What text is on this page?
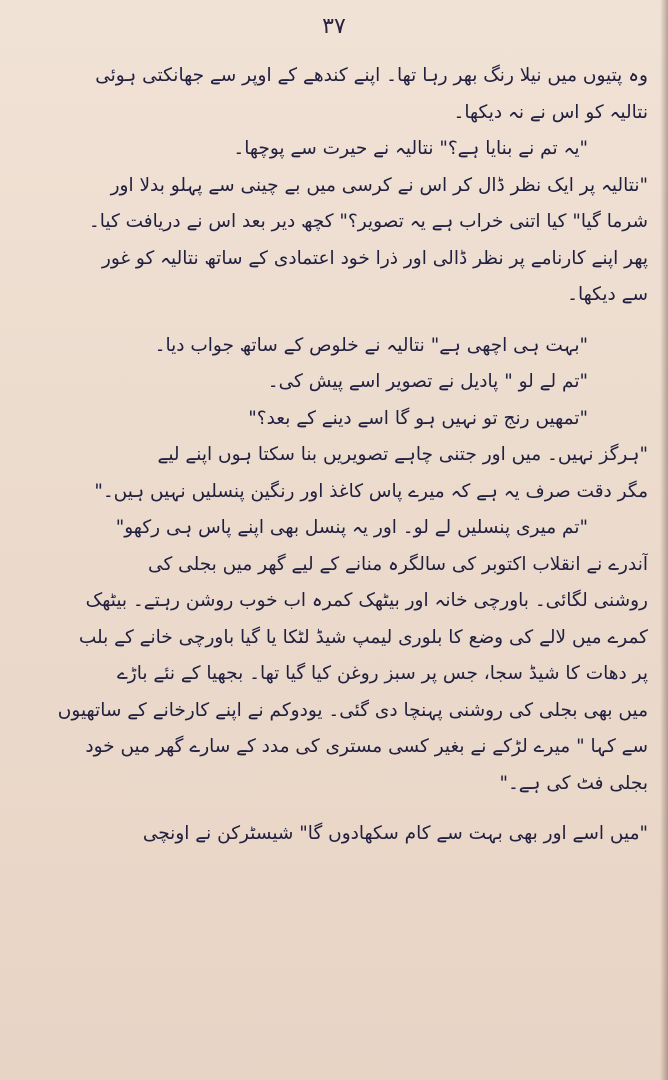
۳۷
وہ پتیوں میں نیلا رنگ بھر رہا تھا۔ اپنے کندھے کے اوپر سے جھانکتی ہوئی
نتالیہ کو اس نے نہ دیکھا۔
"یہ تم نے بنایا ہے؟" نتالیہ نے حیرت سے پوچھا۔
"نتالیہ پر ایک نظر ڈال کر اس نے کرسی میں بے چینی سے پہلو بدلا اور
شرما گیا" کیا اتنی خراب ہے یہ تصویر؟" کچھ دیر بعد اس نے دریافت کیا۔
پھر اپنے کارنامے پر نظر ڈالی اور ذرا خود اعتمادی کے ساتھ نتالیہ کو غور
سے دیکھا۔
"بہت ہی اچھی ہے" نتالیہ نے خلوص کے ساتھ جواب دیا۔
"تم لے لو " پادیل نے تصویر اسے پیش کی۔
"تمھیں رنج تو نہیں ہو گا اسے دینے کے بعد؟"
"ہرگز نہیں۔ میں اور جتنی چاہے تصویریں بنا سکتا ہوں اپنے لیے
مگر دقت صرف یہ ہے کہ میرے پاس کاغذ اور رنگین پنسلیں نہیں ہیں۔"
"تم میری پنسلیں لے لو۔ اور یہ پنسل بھی اپنے پاس ہی رکھو"
آندرے نے انقلاب اکتوبر کی سالگرہ منانے کے لیے گھر میں بجلی کی
روشنی لگائی۔ باورچی خانہ اور بیٹھک کمرہ اب خوب روشن رہتے۔ بیٹھک
کمرے میں لالے کی وضع کا بلوری لیمپ شیڈ لٹکا یا گیا باورچی خانے کے بلب
پر دھات کا شیڈ سجا، جس پر سبز روغن کیا گیا تھا۔ بجھیا کے نئے باڑے
میں بھی بجلی کی روشنی پہنچا دی گئی۔ یودوکم نے اپنے کارخانے کے ساتھیوں
سے کہا " میرے لڑکے نے بغیر کسی مستری کی مدد کے سارے گھر میں خود
بجلی فٹ کی ہے۔"
"میں اسے اور بھی بہت سے کام سکھادوں گا" شیسٹرکن نے اونچی
